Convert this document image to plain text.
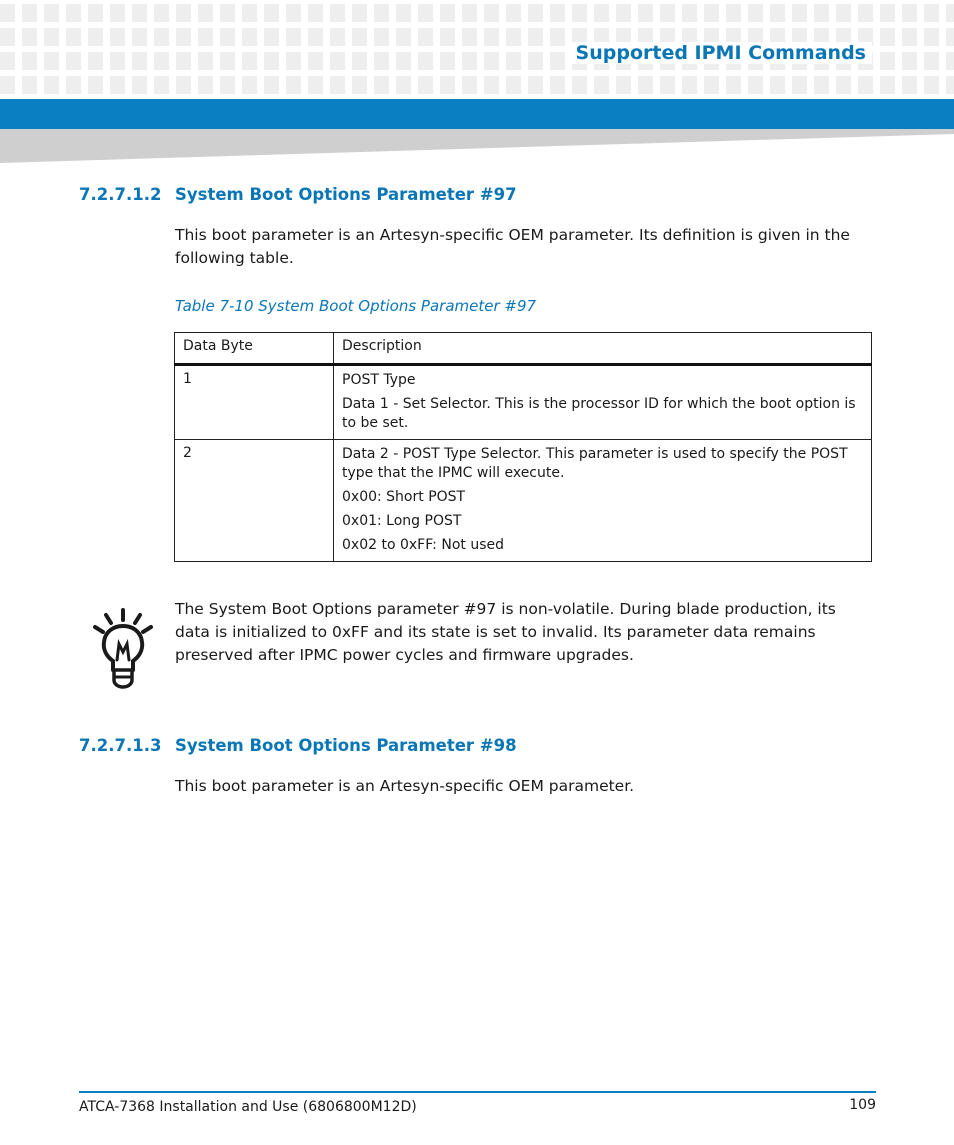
Supported IPMI Commands
7.2.7.1.2 System Boot Options Parameter #97
This boot parameter is an Artesyn-specific OEM parameter. Its definition is given in the following table.
Table 7-10 System Boot Options Parameter #97
Data Byte	Description
1	POST Type

Data 1 - Set Selector. This is the processor ID for which the boot option is to be set.

2	Data 2 - POST Type Selector. This parameter is used to specify the POST type that the IPMC will execute.

0x00: Short POST

0x01: Long POST

0x02 to 0xFF: Not used

The System Boot Options parameter #97 is non-volatile. During blade production, its data is initialized to 0xFF and its state is set to invalid. Its parameter data remains preserved after IPMC power cycles and firmware upgrades.
7.2.7.1.3 System Boot Options Parameter #98
This boot parameter is an Artesyn-specific OEM parameter.
ATCA-7368 Installation and Use (6806800M12D)	109
